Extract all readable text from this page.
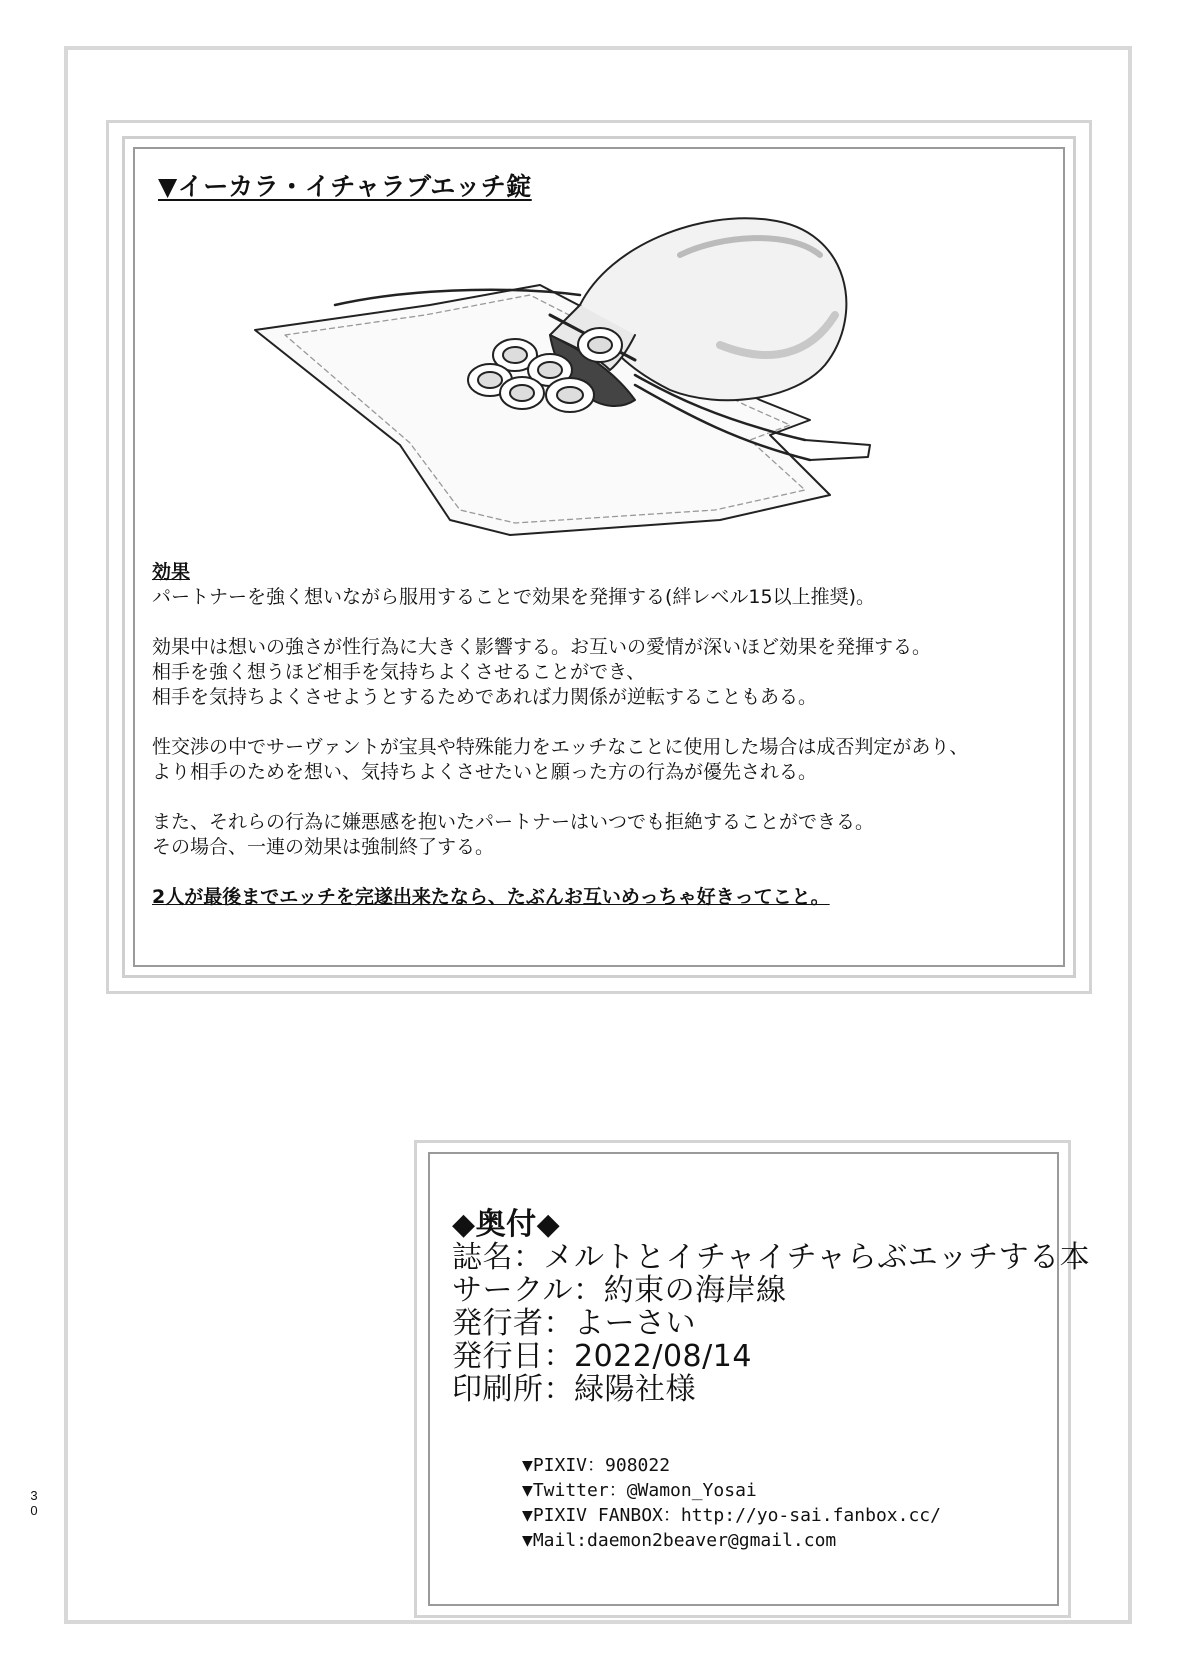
▼イーカラ・イチャラブエッチ錠

効果

パートナーを強く想いながら服用することで効果を発揮する(絆レベル15以上推奨)。

効果中は想いの強さが性行為に大きく影響する。お互いの愛情が深いほど効果を発揮する。
相手を強く想うほど相手を気持ちよくさせることができ、
相手を気持ちよくさせようとするためであれば力関係が逆転することもある。

性交渉の中でサーヴァントが宝具や特殊能力をエッチなことに使用した場合は成否判定があり、
より相手のためを想い、気持ちよくさせたいと願った方の行為が優先される。

また、それらの行為に嫌悪感を抱いたパートナーはいつでも拒絶することができる。
その場合、一連の効果は強制終了する。

2人が最後までエッチを完遂出来たなら、たぶんお互いめっちゃ好きってこと。

◆奥付◆
誌名：メルトとイチャイチャらぶエッチする本
サークル：約束の海岸線
発行者：よーさい
発行日：2022/08/14
印刷所：緑陽社様
▼PIXIV：908022
▼Twitter：@Wamon_Yosai
▼PIXIV FANBOX：http://yo-sai.fanbox.cc/
▼Mail:daemon2beaver@gmail.com
3
0
